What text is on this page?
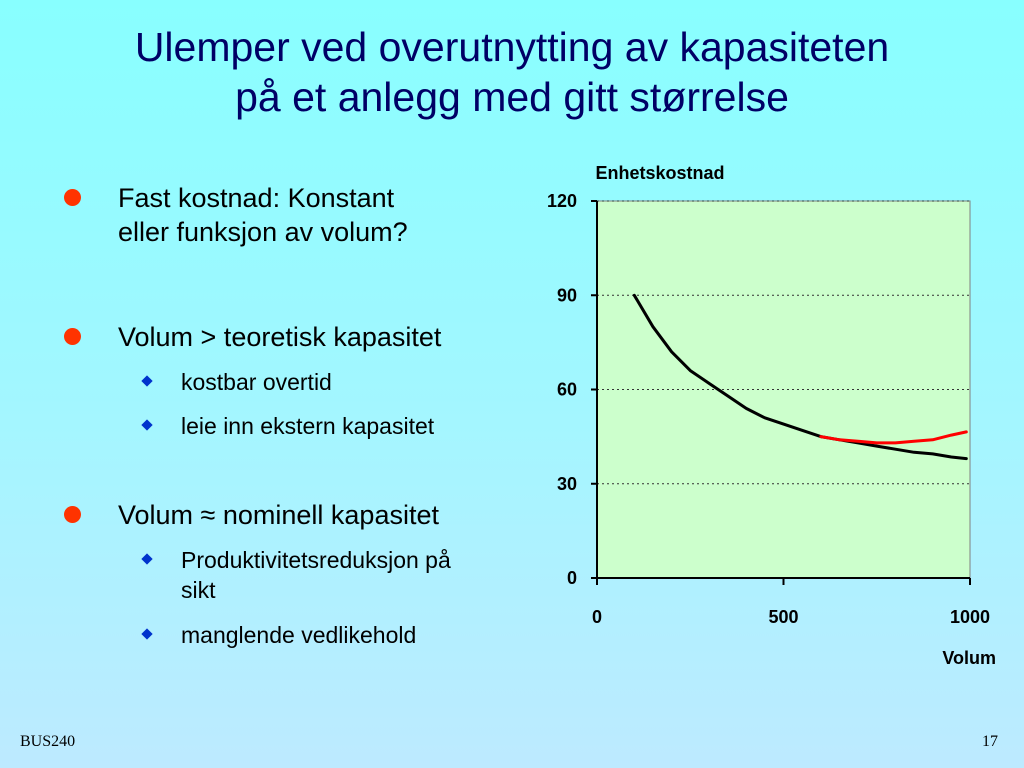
Ulemper ved overutnytting av kapasiteten
på et anlegg med gitt størrelse
Fast kostnad: Konstant
eller funksjon av volum?
Volum > teoretisk kapasitet
kostbar overtid
leie inn ekstern kapasitet
Volum ≈ nominell kapasitet
Produktivitetsreduksjon på
sikt
manglende vedlikehold
0
30
60
90
120
0	500	1000
Enhetskostnad
Volum
BUS240	17
